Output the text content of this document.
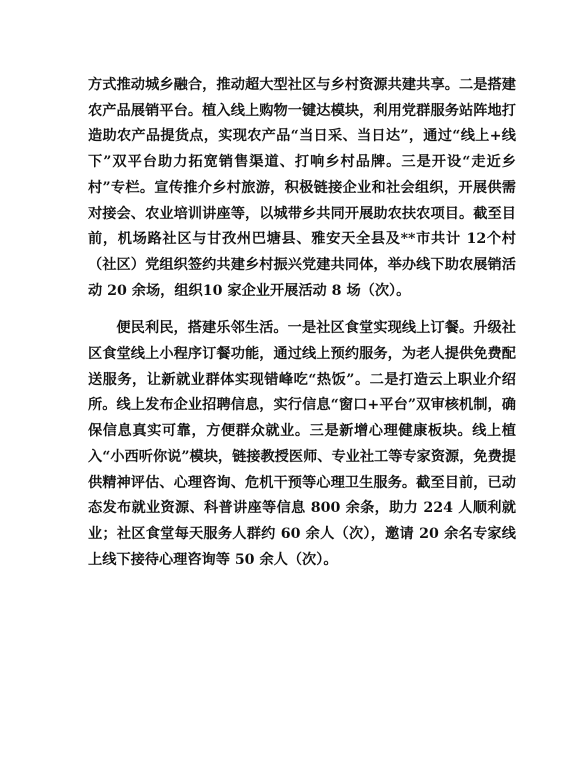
方式推动城乡融合，推动超大型社区与乡村资源共建共享。二是搭建农产品展销平台。植入线上购物一键达模块，利用党群服务站阵地打造助农产品提货点，实现农产品“当日采、当日达”，通过“线上+线下”双平台助力拓宽销售渠道、打响乡村品牌。三是开设“走近乡村”专栏。宣传推介乡村旅游，积极链接企业和社会组织，开展供需对接会、农业培训讲座等，以城带乡共同开展助农扶农项目。截至目前，机场路社区与甘孜州巴塘县、雅安天全县及**市共计 12个村（社区）党组织签约共建乡村振兴党建共同体，举办线下助农展销活动 20 余场，组织10 家企业开展活动 8 场（次）。

便民利民，搭建乐邻生活。一是社区食堂实现线上订餐。升级社区食堂线上小程序订餐功能，通过线上预约服务，为老人提供免费配送服务，让新就业群体实现错峰吃“热饭”。二是打造云上职业介绍所。线上发布企业招聘信息，实行信息“窗口+平台”双审核机制，确保信息真实可靠，方便群众就业。三是新增心理健康板块。线上植入“小西听你说”模块，链接教授医师、专业社工等专家资源，免费提供精神评估、心理咨询、危机干预等心理卫生服务。截至目前，已动态发布就业资源、科普讲座等信息 800 余条，助力 224 人顺利就业；社区食堂每天服务人群约 60 余人（次），邀请 20 余名专家线上线下接待心理咨询等 50 余人（次）。
